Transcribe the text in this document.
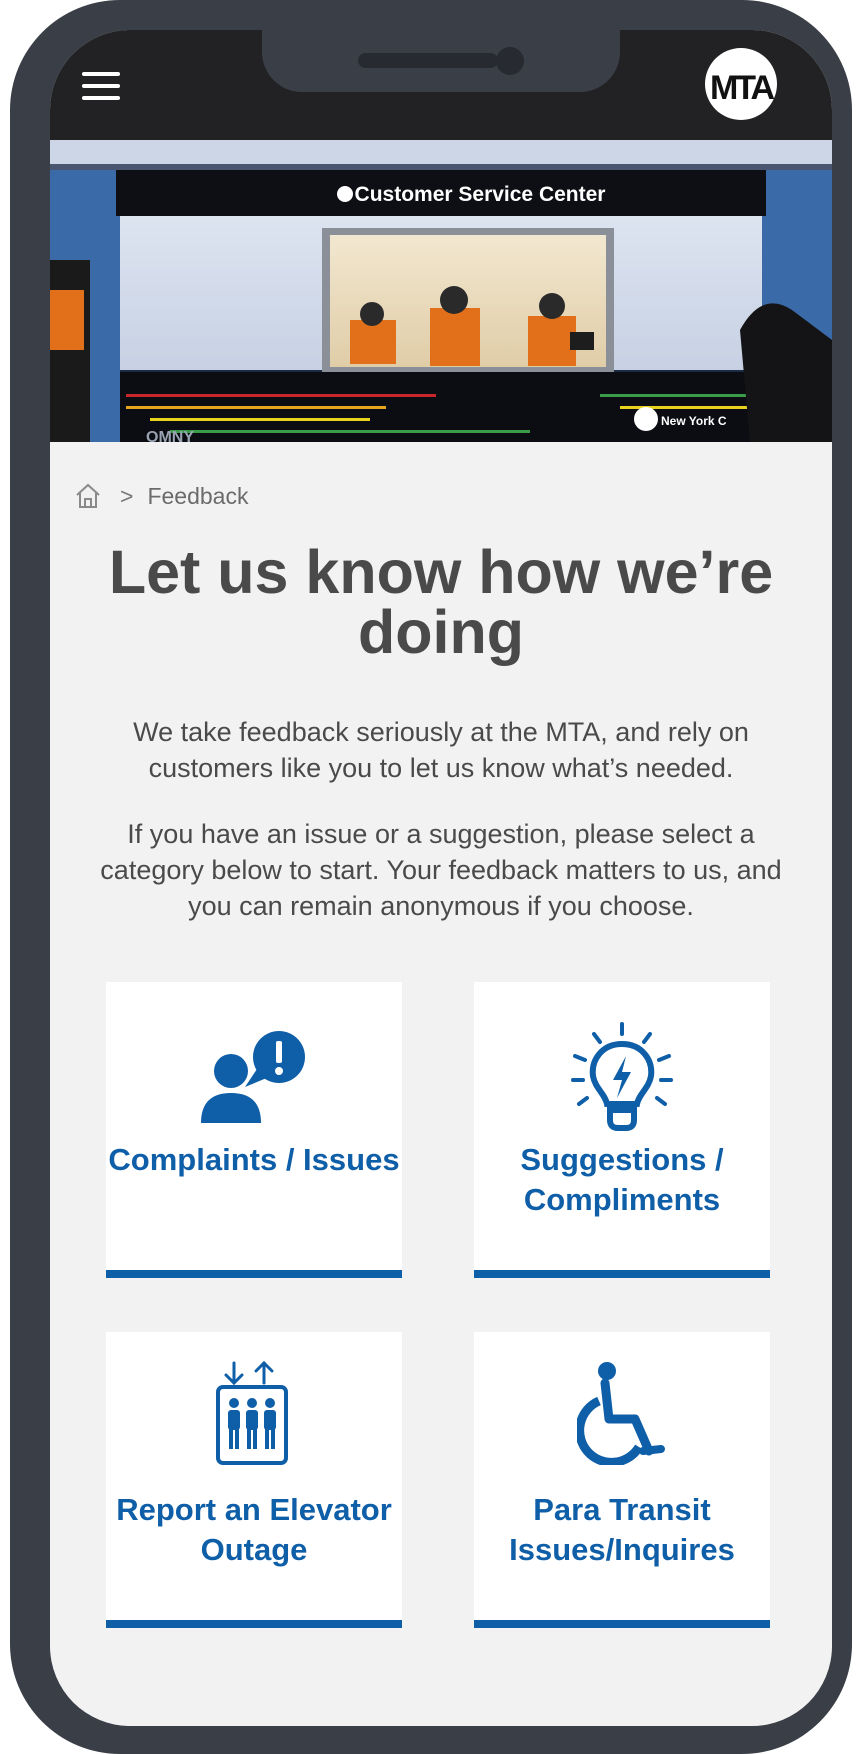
MTA
Customer Service Center
New York C
OMNY
> Feedback
Let us know how we’re doing
We take feedback seriously at the MTA, and rely on customers like you to let us know what’s needed.
If you have an issue or a suggestion, please select a category below to start. Your feedback matters to us, and you can remain anonymous if you choose.
Complaints / Issues	Suggestions / Compliments
Report an Elevator Outage
Para Transit Issues/Inquires
